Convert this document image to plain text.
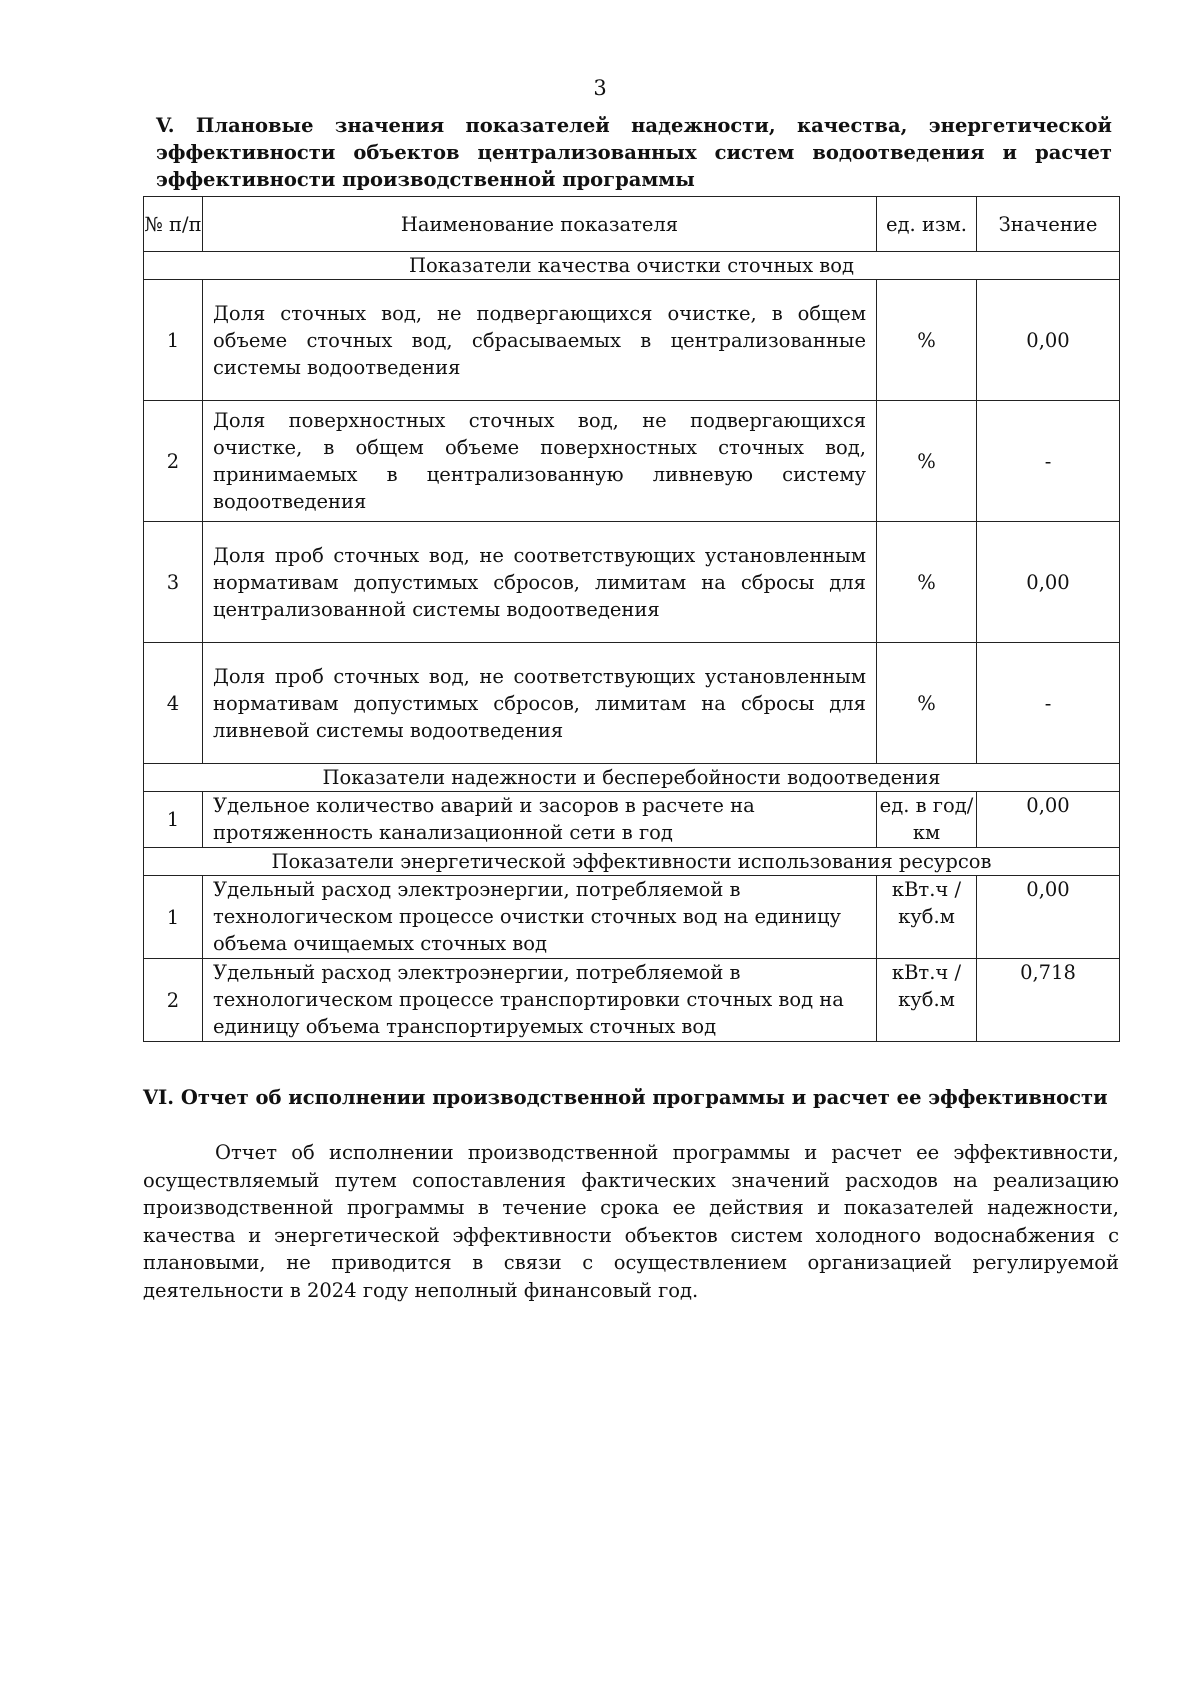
3
V. Плановые значения показателей надежности, качества, энергетической эффективности объектов централизованных систем водоотведения и расчет эффективности производственной программы
№ п/п	Наименование показателя	ед. изм.	Значение
Показатели качества очистки сточных вод			
1	Доля сточных вод, не подвергающихся очистке, в общем объеме сточных вод, сбрасываемых в централизованные системы водоотведения	%	0,00
2	Доля поверхностных сточных вод, не подвергающихся очистке, в общем объеме поверхностных сточных вод, принимаемых в централизованную ливневую систему водоотведения	%	-
3	Доля проб сточных вод, не соответствующих установленным нормативам допустимых сбросов, лимитам на сбросы для централизованной системы водоотведения	%	0,00
4	Доля проб сточных вод, не соответствующих установленным нормативам допустимых сбросов, лимитам на сбросы для ливневой системы водоотведения	%	-
Показатели надежности и бесперебойности водоотведения			
1	Удельное количество аварий и засоров в расчете на протяженность канализационной сети в год	ед. в год/ км	0,00
Показатели энергетической эффективности использования ресурсов			
1	Удельный расход электроэнергии, потребляемой в технологическом процессе очистки сточных вод на единицу объема очищаемых сточных вод	кВт.ч / куб.м	0,00
2	Удельный расход электроэнергии, потребляемой в технологическом процессе транспортировки сточных вод на единицу объема транспортируемых сточных вод	кВт.ч / куб.м	0,718
VI. Отчет об исполнении производственной программы и расчет ее эффективности

Отчет об исполнении производственной программы и расчет ее эффективности, осуществляемый путем сопоставления фактических значений расходов на реализацию производственной программы в течение срока ее действия и показателей надежности, качества и энергетической эффективности объектов систем холодного водоснабжения с плановыми, не приводится в связи с осуществлением организацией регулируемой деятельности в 2024 году неполный финансовый год.
